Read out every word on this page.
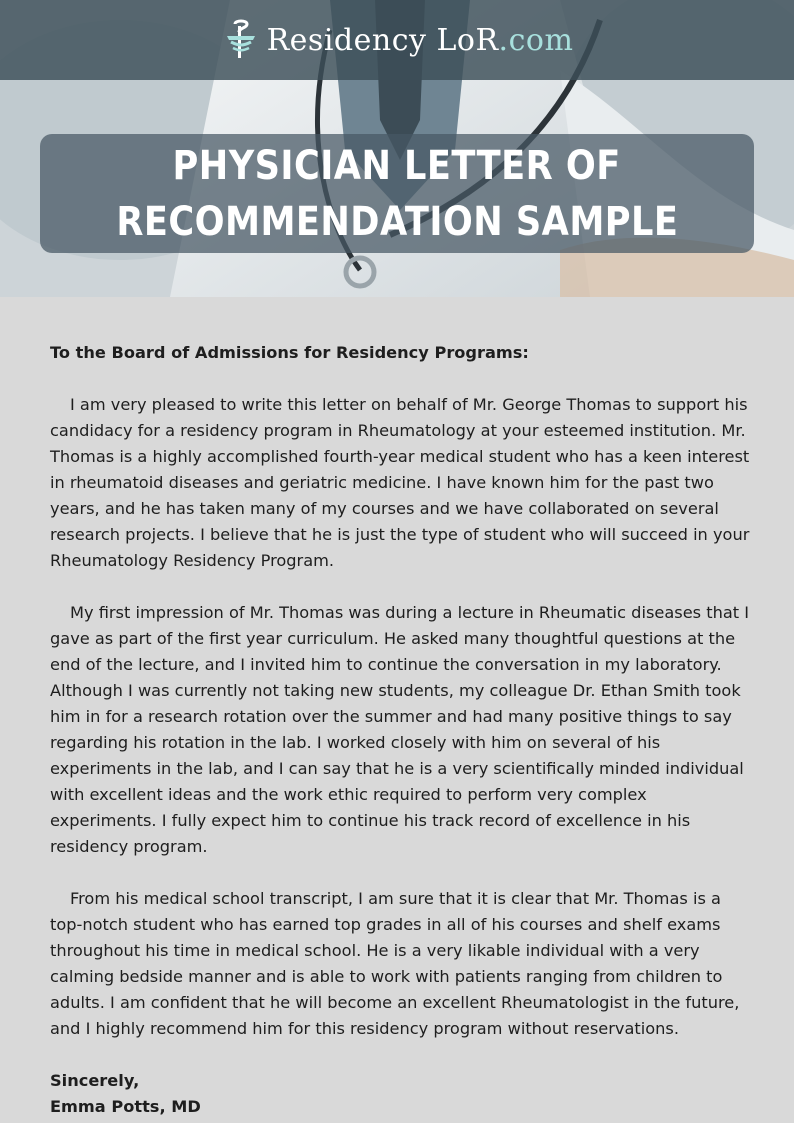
Residency LoR.com
PHYSICIAN LETTER OF
RECOMMENDATION SAMPLE

To the Board of Admissions for Residency Programs:

I am very pleased to write this letter on behalf of Mr. George Thomas to support his candidacy for a residency program in Rheumatology at your esteemed institution. Mr. Thomas is a highly accomplished fourth-year medical student who has a keen interest in rheumatoid diseases and geriatric medicine. I have known him for the past two years, and he has taken many of my courses and we have collaborated on several research projects. I believe that he is just the type of student who will succeed in your Rheumatology Residency Program.

My first impression of Mr. Thomas was during a lecture in Rheumatic diseases that I gave as part of the first year curriculum. He asked many thoughtful questions at the end of the lecture, and I invited him to continue the conversation in my laboratory. Although I was currently not taking new students, my colleague Dr. Ethan Smith took him in for a research rotation over the summer and had many positive things to say regarding his rotation in the lab. I worked closely with him on several of his experiments in the lab, and I can say that he is a very scientifically minded individual with excellent ideas and the work ethic required to perform very complex experiments. I fully expect him to continue his track record of excellence in his residency program.

From his medical school transcript, I am sure that it is clear that Mr. Thomas is a top-notch student who has earned top grades in all of his courses and shelf exams throughout his time in medical school. He is a very likable individual with a very calming bedside manner and is able to work with patients ranging from children to adults. I am confident that he will become an excellent Rheumatologist in the future, and I highly recommend him for this residency program without reservations.

Sincerely,

Emma Potts, MD
